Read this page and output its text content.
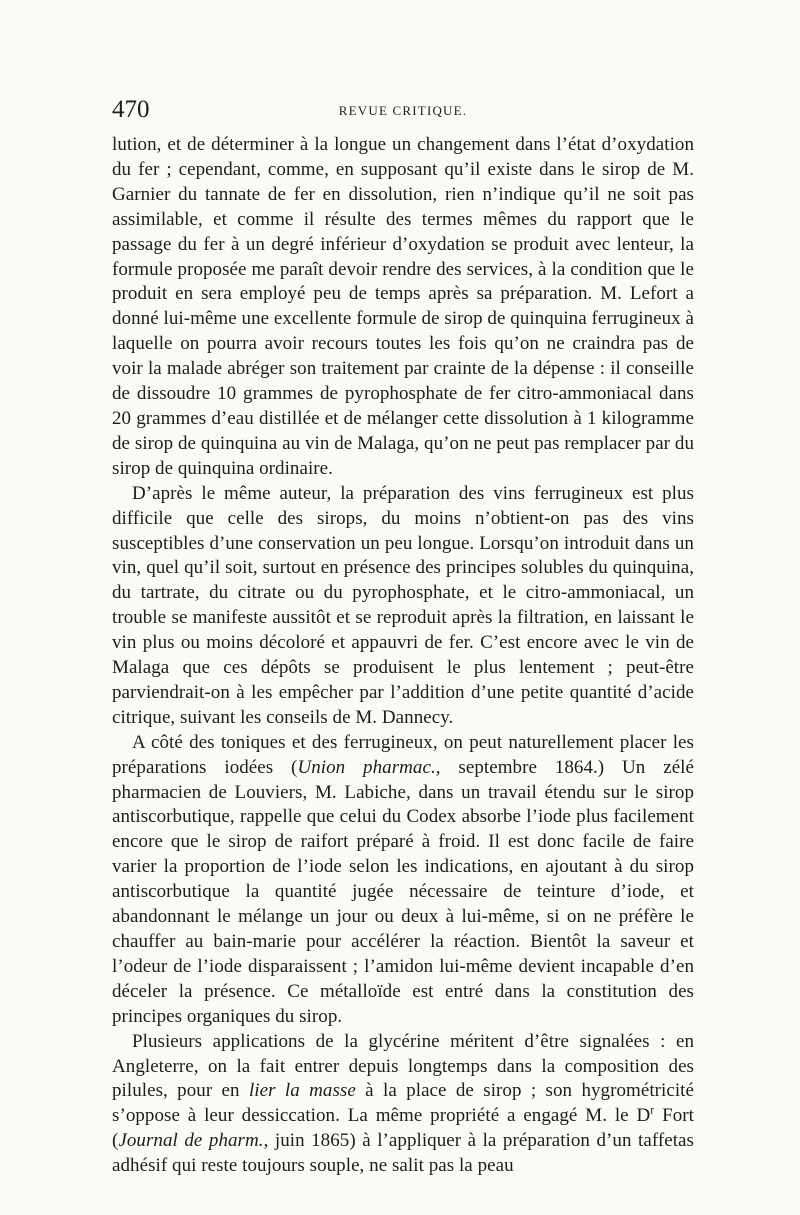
470	REVUE CRITIQUE.

lution, et de déterminer à la longue un changement dans l’état d’oxydation du fer ; cependant, comme, en supposant qu’il existe dans le sirop de M. Garnier du tannate de fer en dissolution, rien n’indique qu’il ne soit pas assimilable, et comme il résulte des termes mêmes du rapport que le passage du fer à un degré inférieur d’oxydation se produit avec lenteur, la formule proposée me paraît devoir rendre des services, à la condition que le produit en sera employé peu de temps après sa préparation. M. Lefort a donné lui-même une excellente formule de sirop de quinquina ferrugineux à laquelle on pourra avoir recours toutes les fois qu’on ne craindra pas de voir la malade abréger son traitement par crainte de la dépense : il conseille de dissoudre 10 grammes de pyrophosphate de fer citro-ammoniacal dans 20 grammes d’eau distillée et de mélanger cette dissolution à 1 kilogramme de sirop de quinquina au vin de Malaga, qu’on ne peut pas remplacer par du sirop de quinquina ordinaire.

D’après le même auteur, la préparation des vins ferrugineux est plus difficile que celle des sirops, du moins n’obtient-on pas des vins susceptibles d’une conservation un peu longue. Lorsqu’on introduit dans un vin, quel qu’il soit, surtout en présence des principes solubles du quinquina, du tartrate, du citrate ou du pyrophosphate, et le citro-ammoniacal, un trouble se manifeste aussitôt et se reproduit après la filtration, en laissant le vin plus ou moins décoloré et appauvri de fer. C’est encore avec le vin de Malaga que ces dépôts se produisent le plus lentement ; peut-être parviendrait-on à les empêcher par l’addition d’une petite quantité d’acide citrique, suivant les conseils de M. Dannecy.

A côté des toniques et des ferrugineux, on peut naturellement placer les préparations iodées (Union pharmac., septembre 1864.) Un zélé pharmacien de Louviers, M. Labiche, dans un travail étendu sur le sirop antiscorbutique, rappelle que celui du Codex absorbe l’iode plus facilement encore que le sirop de raifort préparé à froid. Il est donc facile de faire varier la proportion de l’iode selon les indications, en ajoutant à du sirop antiscorbutique la quantité jugée nécessaire de teinture d’iode, et abandonnant le mélange un jour ou deux à lui-même, si on ne préfère le chauffer au bain-marie pour accélérer la réaction. Bientôt la saveur et l’odeur de l’iode disparaissent ; l’amidon lui-même devient incapable d’en déceler la présence. Ce métalloïde est entré dans la constitution des principes organiques du sirop.

Plusieurs applications de la glycérine méritent d’être signalées : en Angleterre, on la fait entrer depuis longtemps dans la composition des pilules, pour en lier la masse à la place de sirop ; son hygrométricité s’oppose à leur dessiccation. La même propriété a engagé M. le $D^r$ Fort (Journal de pharm., juin 1865) à l’appliquer à la préparation d’un taffetas adhésif qui reste toujours souple, ne salit pas la peau
